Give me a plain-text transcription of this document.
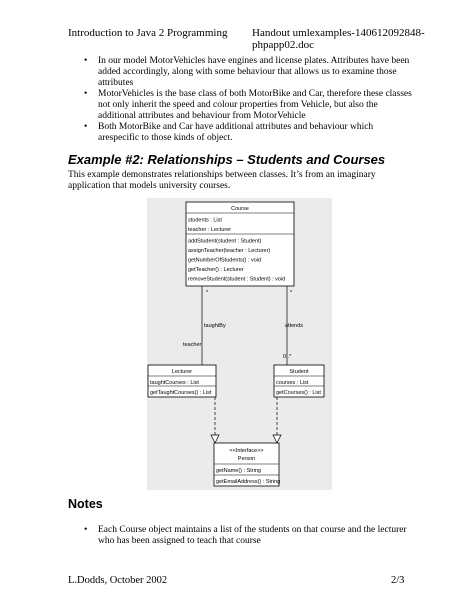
Introduction to Java 2 Programming Handout umlexamples-140612092848-phpapp02.doc
• In our model MotorVehicles have engines and license plates. Attributes have been added accordingly, along with some behaviour that allows us to examine those attributes
• MotorVehicles is the base class of both MotorBike and Car, therefore these classes not only inherit the speed and colour properties from Vehicle, but also the additional attributes and behaviour from MotorVehicle
• Both MotorBike and Car have additional attributes and behaviour which arespecific to those kinds of object.
Example #2: Relationships – Students and Courses
This example demonstrates relationships between classes. It’s from an imaginary application that models university courses.
Course
students : List
teacher : Lecturer
addStudent(student : Student)
assignTeacher(teacher : Lecturer)
getNumberOfStudents() : void
getTeacher() : Lecturer
removeStudent(student : Student) : void
*	*
taughtBy	attends
teacher
0..*
Lecturer
taughtCourses : List
getTaughtCourses() : List
Student
courses : List
getCourses() : List
<<Interface>>
Person
getName() : String
getEmailAddress() : String
Notes
• Each Course object maintains a list of the students on that course and the lecturer who has been assigned to teach that course
L.Dodds, October 2002	2/3
